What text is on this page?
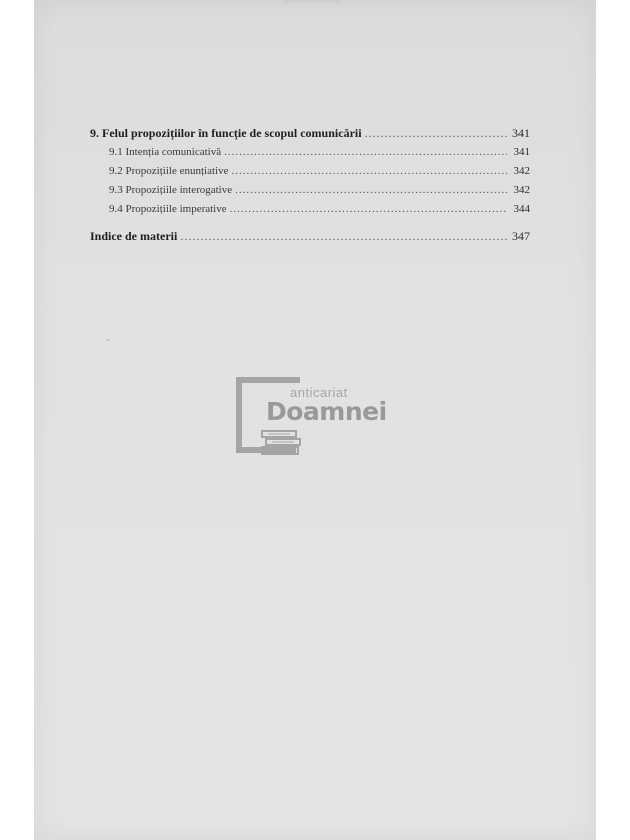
9. Felul propozițiilor în funcție de scopul comunicării .....	341
9.1 Intenția comunicativă .....	341
9.2 Propozițiile enunțiative .....	342
9.3 Propozițiile interogative .....	342
9.4 Propozițiile imperative .....	344
Indice de materii .....	347
ˇ
anticariat
Doamnei
